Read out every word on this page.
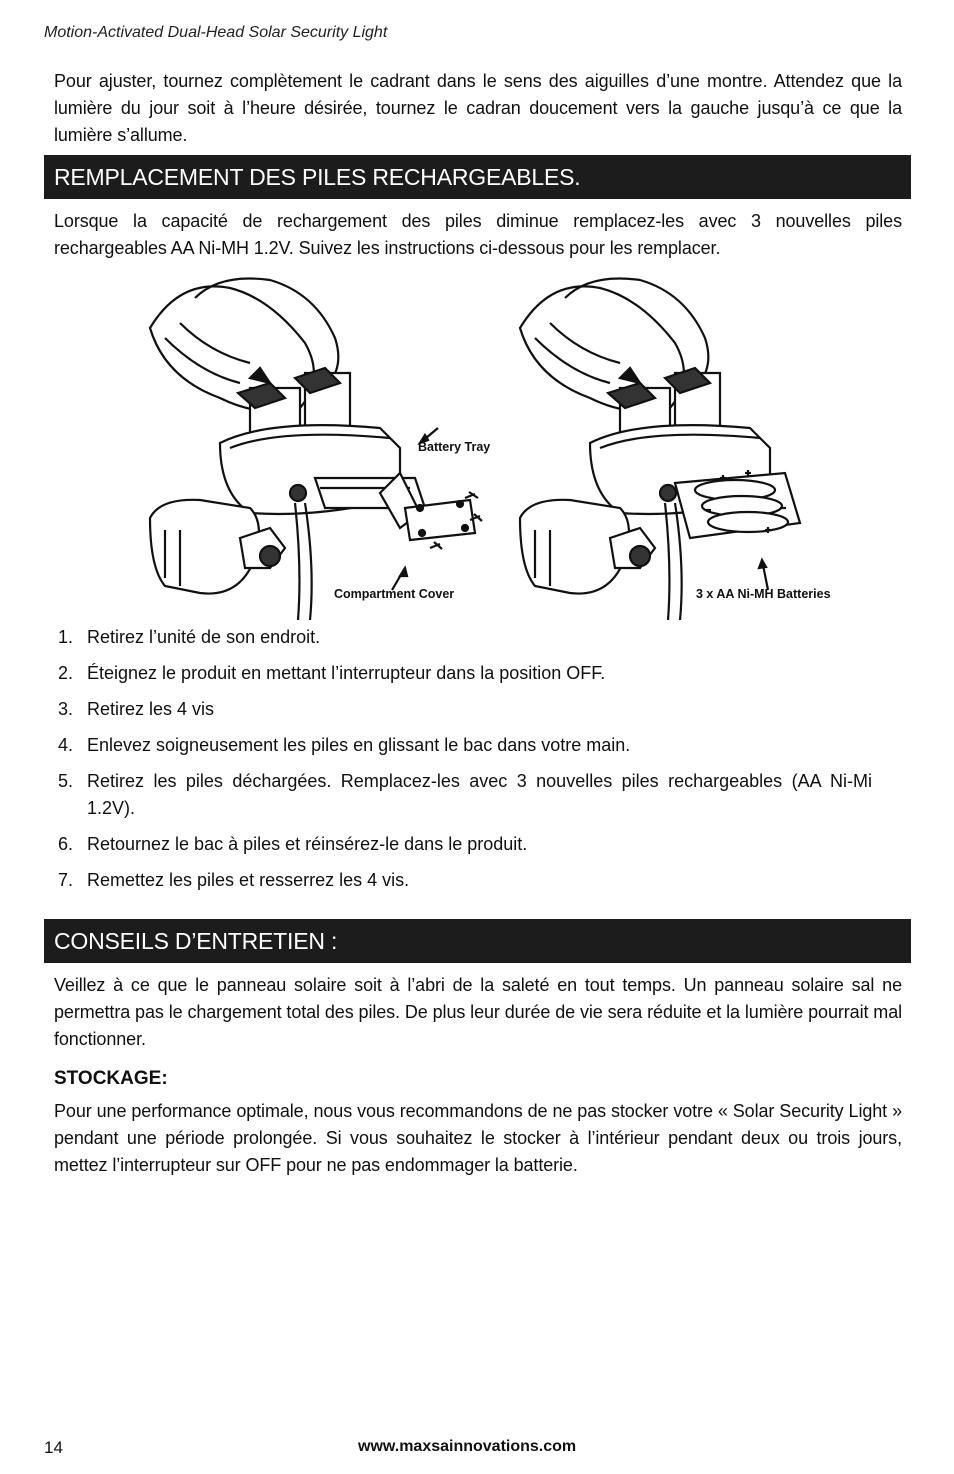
Motion-Activated Dual-Head Solar Security Light
Pour ajuster, tournez complètement le cadrant dans le sens des aiguilles d’une montre. Attendez que la lumière du jour soit à l’heure désirée, tournez le cadran doucement vers la gauche jusqu’à ce que la lumière s’allume.
REMPLACEMENT DES PILES RECHARGEABLES.
Lorsque la capacité de rechargement des piles diminue remplacez-les avec 3 nouvelles piles rechargeables AA Ni-MH 1.2V. Suivez les instructions ci-dessous pour les remplacer.
Battery Tray
Compartment Cover	3 x AA Ni-MH Batteries
1. Retirez l’unité de son endroit.
2. Éteignez le produit en mettant l’interrupteur dans la position OFF.
3. Retirez les 4 vis
4. Enlevez soigneusement les piles en glissant le bac dans votre main.
5. Retirez les piles déchargées. Remplacez-les avec 3 nouvelles piles rechargeables (AA Ni-Mi 1.2V).
6. Retournez le bac à piles et réinsérez-le dans le produit.
7. Remettez les piles et resserrez les 4 vis.
CONSEILS D’ENTRETIEN :
Veillez à ce que le panneau solaire soit à l’abri de la saleté en tout temps. Un panneau solaire sal ne permettra pas le chargement total des piles. De plus leur durée de vie sera réduite et la lumière pourrait mal fonctionner.
STOCKAGE:
Pour une performance optimale, nous vous recommandons de ne pas stocker votre « Solar Security Light » pendant une période prolongée. Si vous souhaitez le stocker à l’intérieur pendant deux ou trois jours, mettez l’interrupteur sur OFF pour ne pas endommager la batterie.
14	www.maxsainnovations.com
